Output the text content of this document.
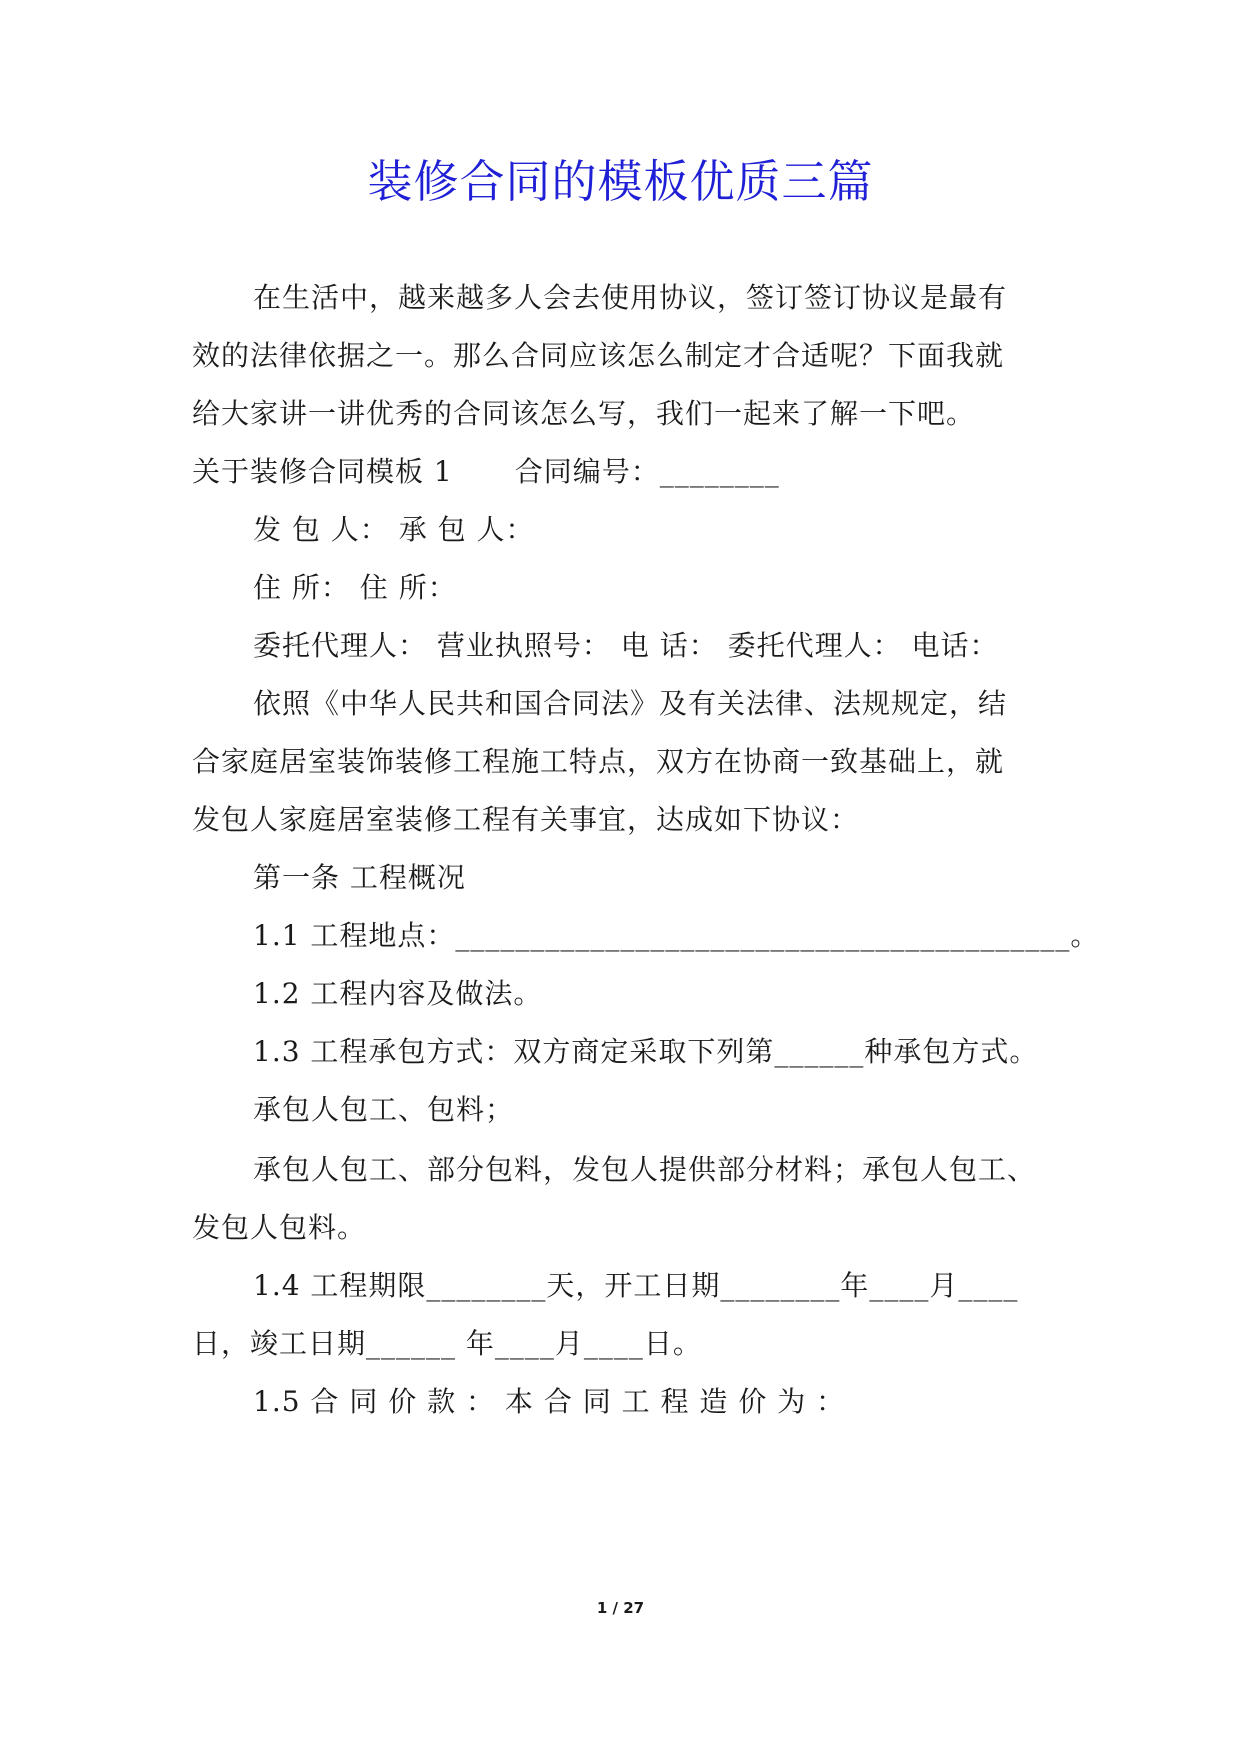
装修合同的模板优质三篇
在生活中，越来越多人会去使用协议，签订签订协议是最有
效的法律依据之一。那么合同应该怎么制定才合适呢？下面我就
给大家讲一讲优秀的合同该怎么写，我们一起来了解一下吧。
关于装修合同模板 1 合同编号：________
发 包 人： 承 包 人：
住 所： 住 所：
委托代理人： 营业执照号： 电 话： 委托代理人： 电话：
依照《中华人民共和国合同法》及有关法律、法规规定，结
合家庭居室装饰装修工程施工特点，双方在协商一致基础上，就
发包人家庭居室装修工程有关事宜，达成如下协议：
第一条 工程概况
1.1 工程地点：_________________________________________。
1.2 工程内容及做法。
1.3 工程承包方式：双方商定采取下列第______种承包方式。
承包人包工、包料；
承包人包工、部分包料，发包人提供部分材料；承包人包工、
发包人包料。
1.4 工程期限________天，开工日期________年____月____
日，竣工日期______ 年____月____日。
1.5 合 同 价 款 ： 本 合 同 工 程 造 价 为 ：
1 / 27
